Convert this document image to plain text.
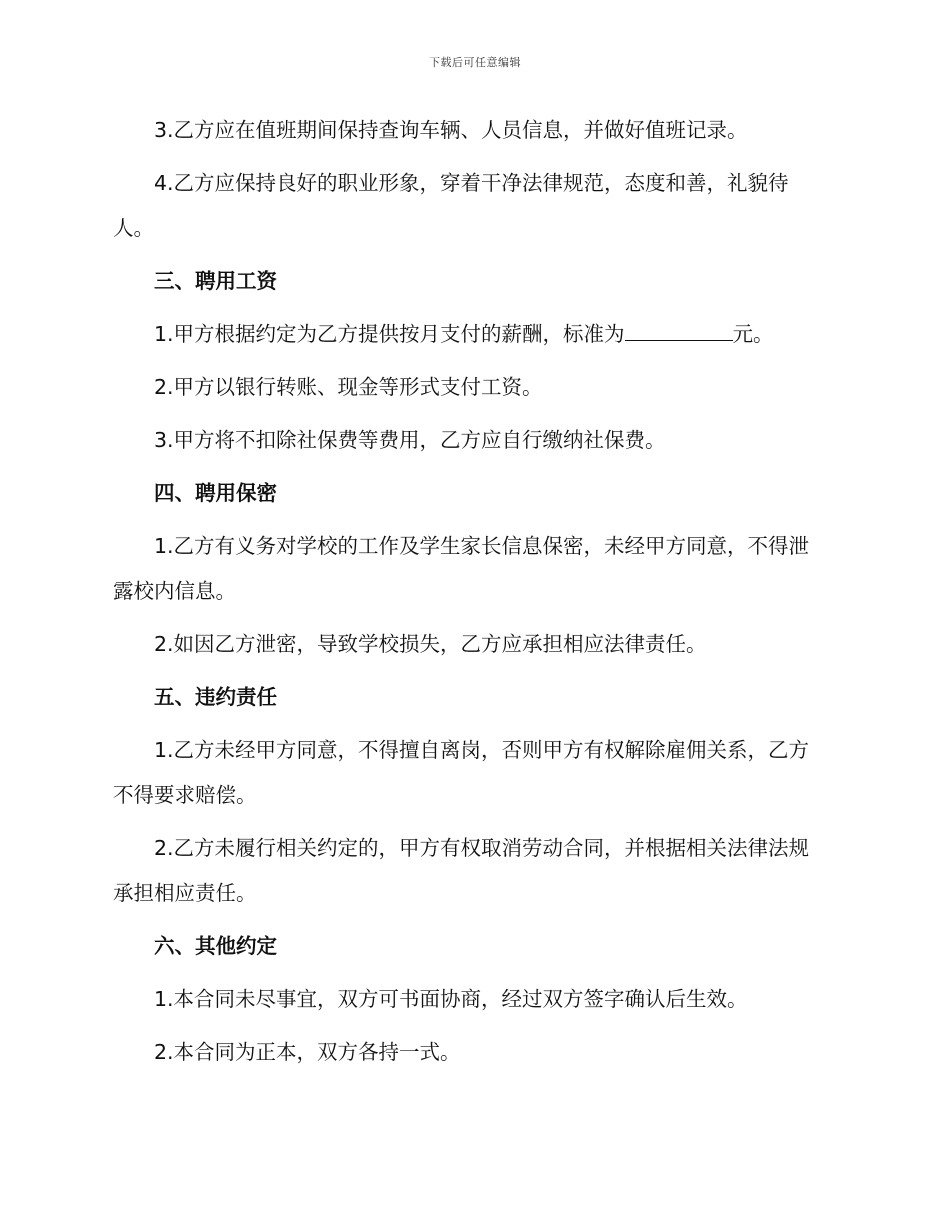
下载后可任意编辑

3.乙方应在值班期间保持查询车辆、人员信息，并做好值班记录。

4.乙方应保持良好的职业形象，穿着干净法律规范，态度和善，礼貌待人。

三、聘用工资

1.甲方根据约定为乙方提供按月支付的薪酬，标准为	元。

2.甲方以银行转账、现金等形式支付工资。

3.甲方将不扣除社保费等费用，乙方应自行缴纳社保费。

四、聘用保密

1.乙方有义务对学校的工作及学生家长信息保密，未经甲方同意，不得泄露校内信息。

2.如因乙方泄密，导致学校损失，乙方应承担相应法律责任。

五、违约责任

1.乙方未经甲方同意，不得擅自离岗，否则甲方有权解除雇佣关系，乙方不得要求赔偿。

2.乙方未履行相关约定的，甲方有权取消劳动合同，并根据相关法律法规承担相应责任。

六、其他约定

1.本合同未尽事宜，双方可书面协商，经过双方签字确认后生效。

2.本合同为正本，双方各持一式。
